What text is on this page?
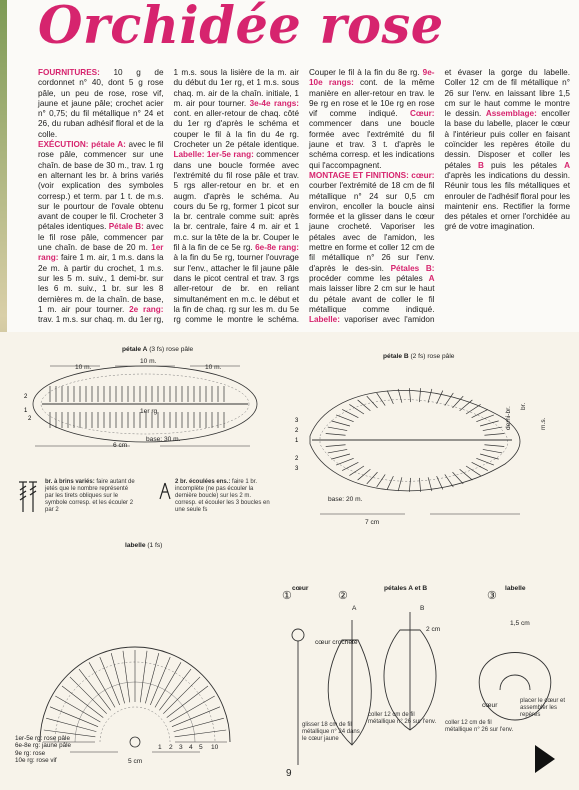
Orchidée rose

FOURNITURES: 10 g de cordonnet n° 40, dont 5 g rose pâle, un peu de rose, rose vif, jaune et jaune pâle; crochet acier n° 0,75; du fil métallique n° 24 et 26, du ruban adhésif floral et de la colle.

EXÉCUTION: pétale A: avec le fil rose pâle, commencer sur une chaîn. de base de 30 m., trav. 1 rg en alternant les br. à brins variés (voir explication des symboles corresp.) et term. par 1 t. de m.s. sur le pourtour de l'ovale obtenu avant de couper le fil. Crocheter 3 pétales identiques. Pétale B: avec le fil rose pâle, commencer par une chaîn. de base de 20 m. 1er rang: faire 1 m. air, 1 m.s. dans la 2e m. à partir du crochet, 1 m.s. sur les 5 m. suiv., 1 demi-br. sur les 6 m. suiv., 1 br. sur les 8 dernières m. de la chaîn. de base, 1 m. air pour tourner. 2e rang: trav. 1 m.s. sur chaq. m. du 1er rg, 1 m.s. sous la lisière de la m. air du début du 1er rg, et 1 m.s. sous chaq. m. air de la chaîn. initiale, 1 m. air pour tourner. 3e-4e rangs: cont. en aller-retour de chaq. côté du 1er rg d'après le schéma et couper le fil à la fin du 4e rg. Crocheter un 2e pétale identique. Labelle: 1er-5e rang: commencer dans une boucle formée avec l'extrémité du fil rose pâle et trav. 5 rgs aller-retour en br. et en augm. d'après le schéma. Au cours du 5e rg, former 1 picot sur la br. centrale comme suit: après la br. centrale, faire 4 m. air et 1 m.c. sur la tête de la br. Couper le fil à la fin de ce 5e rg. 6e-8e rang: à la fin du 5e rg, tourner l'ouvrage sur l'env., attacher le fil jaune pâle dans le picot central et trav. 3 rgs aller-retour de br. en reliant simultanément en m.c. le début et la fin de chaq. rg sur les m. du 5e rg comme le montre le schéma. Couper le fil à la fin du 8e rg. 9e-10e rangs: cont. de la même manière en aller-retour en trav. le 9e rg en rose et le 10e rg en rose vif comme indiqué. Cœur: commencer dans une boucle formée avec l'extrémité du fil jaune et trav. 3 t. d'après le schéma corresp. et les indications qui l'accompagnent.

MONTAGE ET FINITIONS: cœur: courber l'extrémité de 18 cm de fil métallique n° 24 sur 0,5 cm environ, encoller la boucle ainsi formée et la glisser dans le cœur jaune crocheté. Vaporiser les pétales avec de l'amidon, les mettre en forme et coller 12 cm de fil métallique n° 26 sur l'env. d'après le des-sin. Pétales B: procéder comme les pétales A mais laisser libre 2 cm sur le haut du pétale avant de coller le fil métallique comme indiqué. Labelle: vaporiser avec l'amidon et évaser la gorge du labelle. Coller 12 cm de fil métallique n° 26 sur l'env. en laissant libre 1,5 cm sur le haut comme le montre le dessin. Assemblage: encoller la base du labelle, placer le cœur à l'intérieur puis coller en faisant coïncider les repères étoile du dessin. Disposer et coller les pétales B puis les pétales A d'après les indications du dessin. Réunir tous les fils métalliques et enrouler de l'adhésif floral pour les maintenir ens. Rectifier la forme des pétales et orner l'orchidée au gré de votre imagination.

pétale A (3 fs) rose pâle
2
1
2
10 m.
10 m.
10 m.
1er rg
base: 30 m.
6 cm
pétale B (2 fs) rose pâle
3
2
1
2
3
base: 20 m.
7 cm
demi-br. br.
m.s.
br. à brins variés: faire autant de jetés que le nombre représenté par les tirets obliques sur le symbole corresp. et les écouler 2 par 2
2 br. écoulées ens.: faire 1 br. incomplète (ne pas écouler la dernière boucle) sur les 2 m. corresp. et écouler les 3 boucles en une seule fs
labelle (1 fs)
5 cm
1 2 3 4 5 10
1er-5e rg: rose pâle
6e-8e rg: jaune pâle
9e rg: rose
10e rg: rose vif
cœur	pétales A et B	labelle
①	②	③
cœur crocheté
glisser 18 cm de fil métallique n° 24 dans le cœur jaune
A	B
2 cm
coller 12 cm de fil métallique n° 26 sur l'env.
1,5 cm
cœur
placer le cœur et assembler les repères
coller 12 cm de fil métallique n° 26 sur l'env.
9
